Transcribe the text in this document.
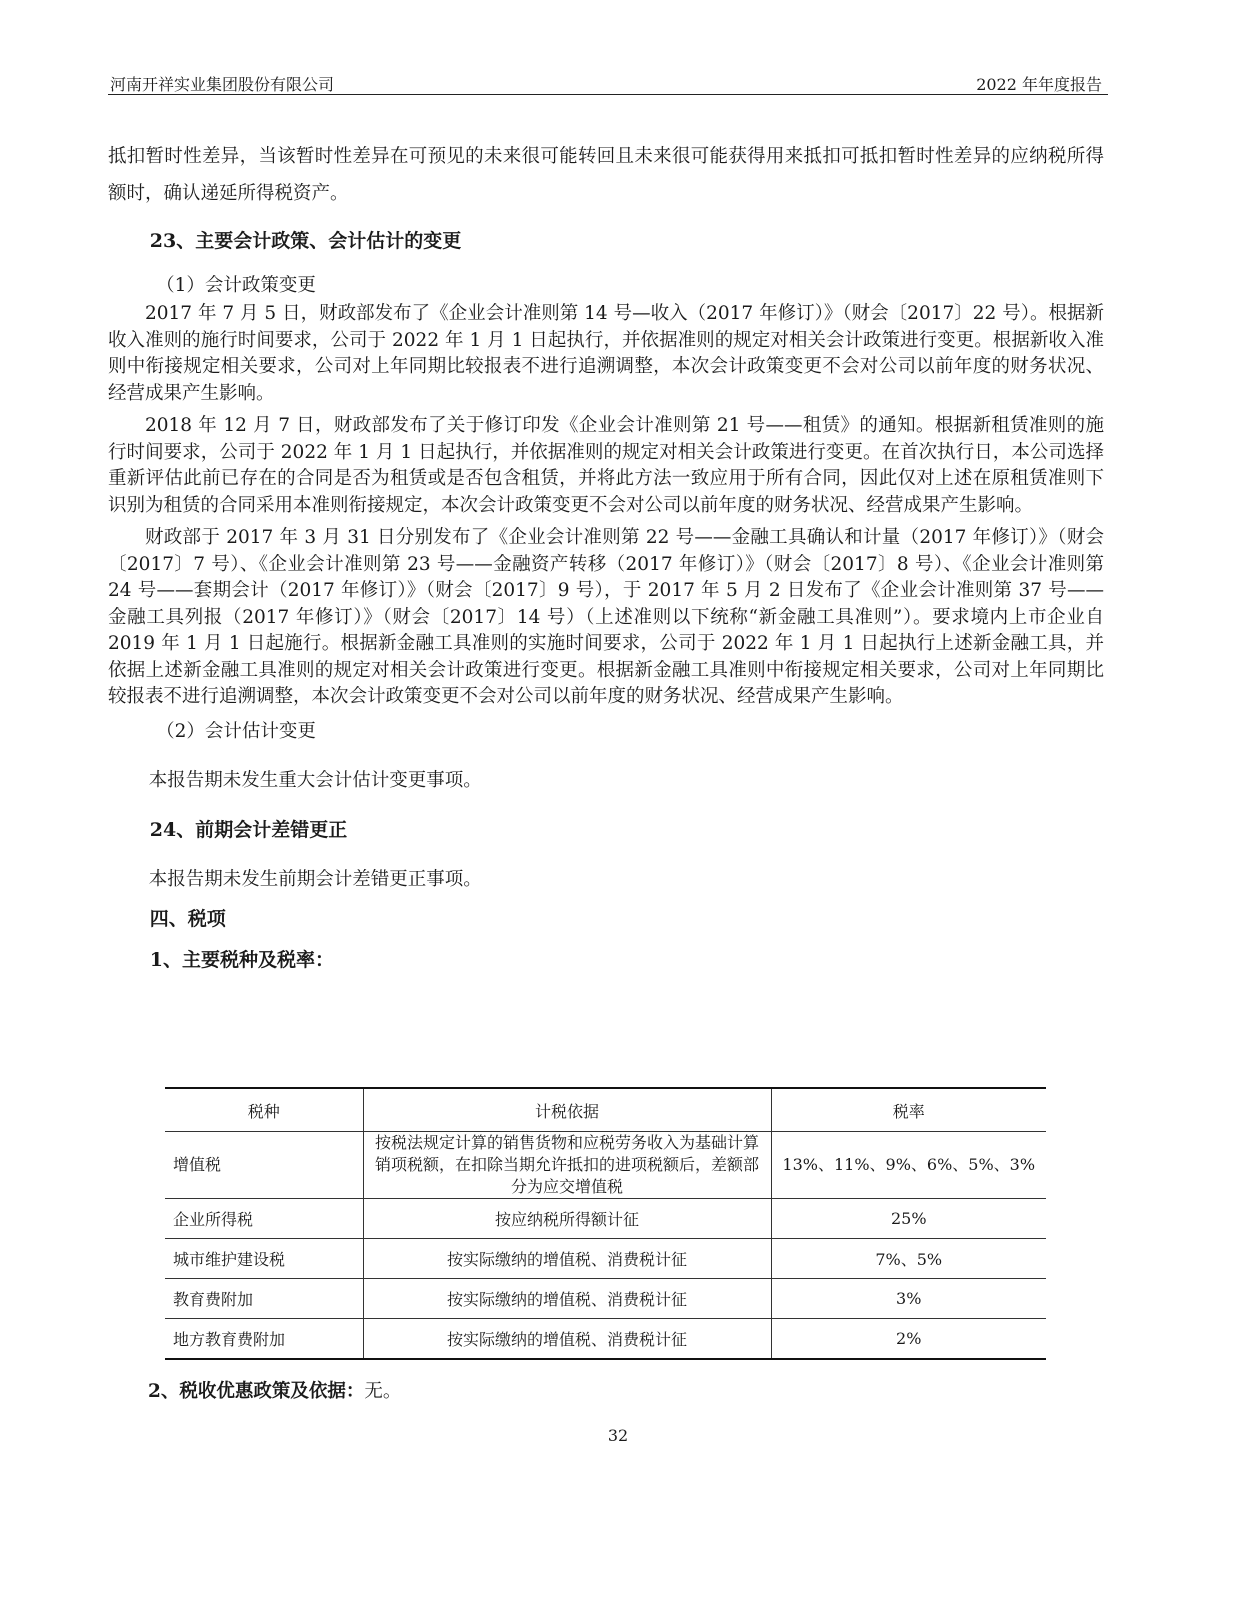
河南开祥实业集团股份有限公司	2022 年年度报告

抵扣暂时性差异，当该暂时性差异在可预见的未来很可能转回且未来很可能获得用来抵扣可抵扣暂时性差异的应纳税所得额时，确认递延所得税资产。

23、主要会计政策、会计估计的变更

（1）会计政策变更

2017 年 7 月 5 日，财政部发布了《企业会计准则第 14 号—收入（2017 年修订）》（财会〔2017〕22 号）。根据新收入准则的施行时间要求，公司于 2022 年 1 月 1 日起执行，并依据准则的规定对相关会计政策进行变更。根据新收入准则中衔接规定相关要求，公司对上年同期比较报表不进行追溯调整，本次会计政策变更不会对公司以前年度的财务状况、经营成果产生影响。

2018 年 12 月 7 日，财政部发布了关于修订印发《企业会计准则第 21 号——租赁》的通知。根据新租赁准则的施行时间要求，公司于 2022 年 1 月 1 日起执行，并依据准则的规定对相关会计政策进行变更。在首次执行日，本公司选择重新评估此前已存在的合同是否为租赁或是否包含租赁，并将此方法一致应用于所有合同，因此仅对上述在原租赁准则下识别为租赁的合同采用本准则衔接规定，本次会计政策变更不会对公司以前年度的财务状况、经营成果产生影响。

财政部于 2017 年 3 月 31 日分别发布了《企业会计准则第 22 号——金融工具确认和计量（2017 年修订）》（财会〔2017〕7 号）、《企业会计准则第 23 号——金融资产转移（2017 年修订）》（财会〔2017〕8 号）、《企业会计准则第 24 号——套期会计（2017 年修订）》（财会〔2017〕9 号），于 2017 年 5 月 2 日发布了《企业会计准则第 37 号——金融工具列报（2017 年修订）》（财会〔2017〕14 号）（上述准则以下统称“新金融工具准则”）。要求境内上市企业自 2019 年 1 月 1 日起施行。根据新金融工具准则的实施时间要求，公司于 2022 年 1 月 1 日起执行上述新金融工具，并依据上述新金融工具准则的规定对相关会计政策进行变更。根据新金融工具准则中衔接规定相关要求，公司对上年同期比较报表不进行追溯调整，本次会计政策变更不会对公司以前年度的财务状况、经营成果产生影响。

（2）会计估计变更

本报告期未发生重大会计估计变更事项。

24、前期会计差错更正

本报告期未发生前期会计差错更正事项。

四、税项

1、主要税种及税率：

税种	计税依据	税率
增值税	按税法规定计算的销售货物和应税劳务收入为基础计算销项税额，在扣除当期允许抵扣的进项税额后，差额部分为应交增值税	13%、11%、9%、6%、5%、3%
企业所得税	按应纳税所得额计征	25%
城市维护建设税	按实际缴纳的增值税、消费税计征	7%、5%
教育费附加	按实际缴纳的增值税、消费税计征	3%
地方教育费附加	按实际缴纳的增值税、消费税计征	2%
2、税收优惠政策及依据：无。
32
